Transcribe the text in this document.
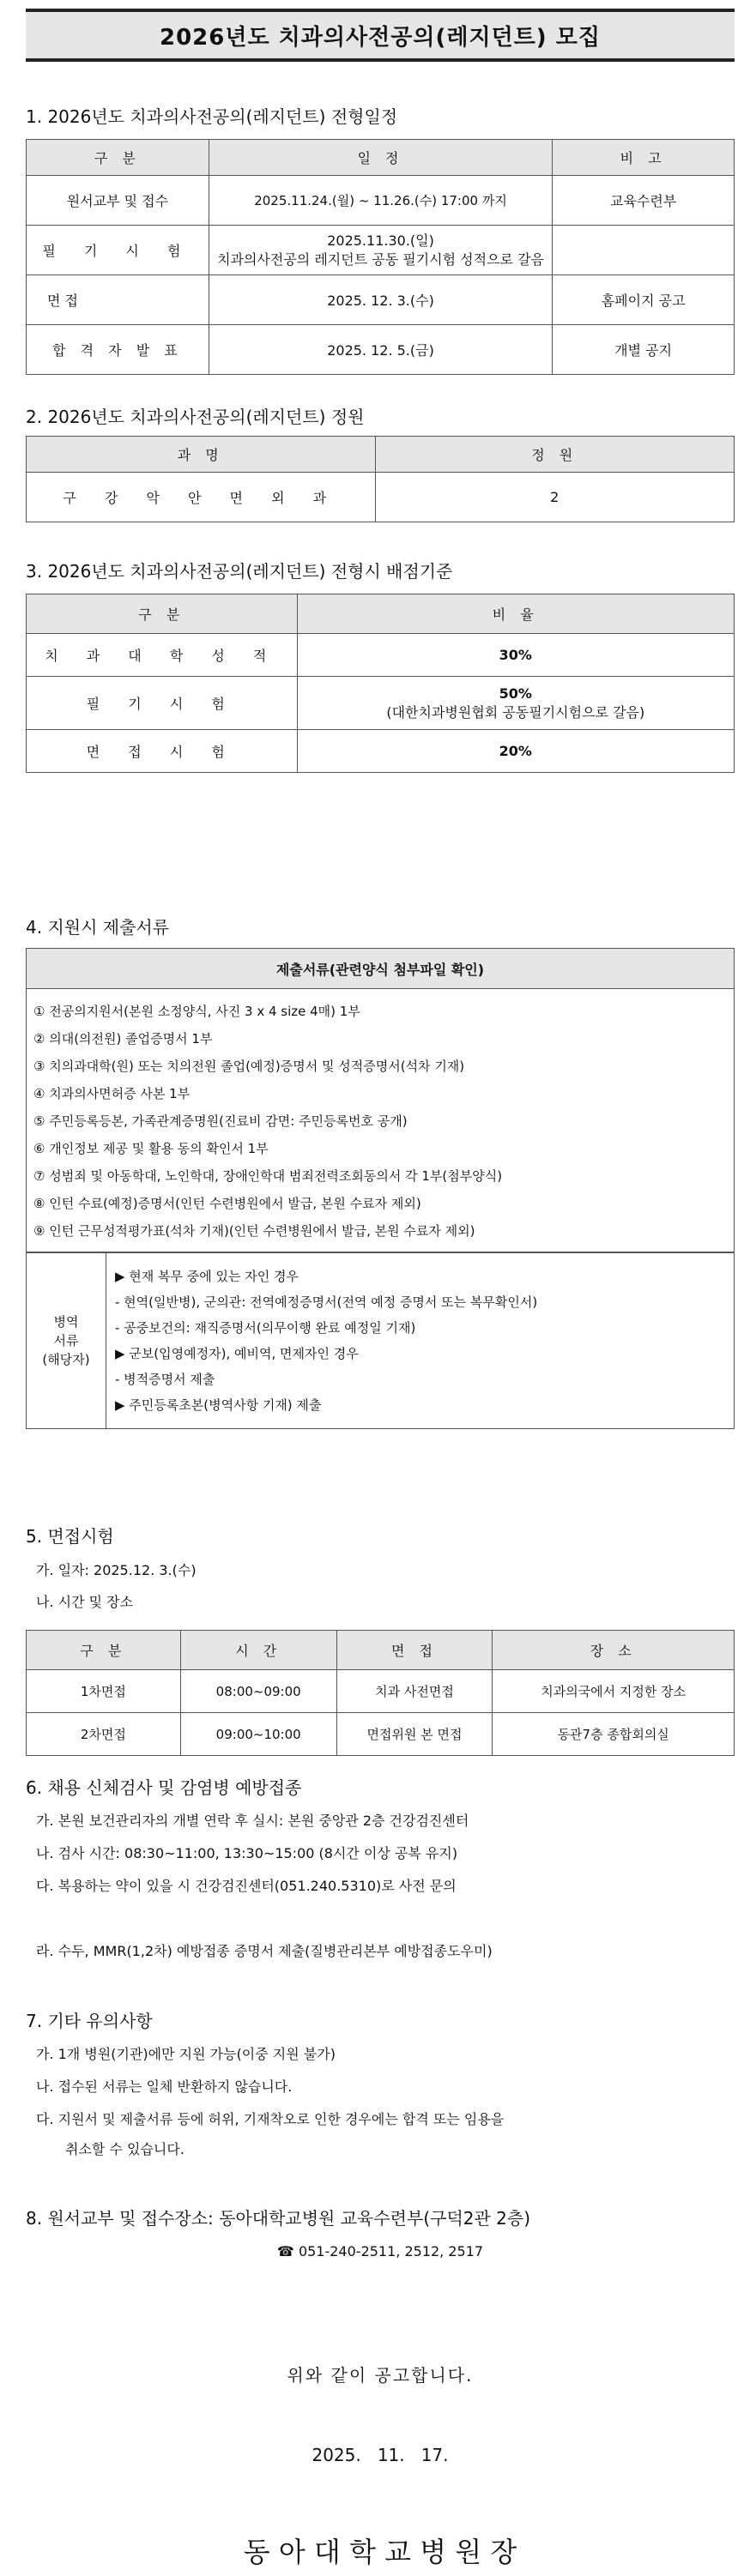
2026년도 치과의사전공의(레지던트) 모집
1. 2026년도 치과의사전공의(레지던트) 전형일정
구 분	일 정	비 고
원서교부 및 접수	2025.11.24.(월) ~ 11.26.(수) 17:00 까지	교육수련부
필 기 시 험	2025.11.30.(일)
치과의사전공의 레지던트 공동 필기시험 성적으로 갈음	

면 접	2025. 12. 3.(수)	홈페이지 공고
합 격 자 발 표	2025. 12. 5.(금)	개별 공지
2. 2026년도 치과의사전공의(레지던트) 정원
과 명	정 원
구 강 악 안 면 외 과	2
3. 2026년도 치과의사전공의(레지던트) 전형시 배점기준
구 분	비 율
치 과 대 학 성 적	30%
필 기 시 험	50%
(대한치과병원협회 공동필기시험으로 갈음)

면 접 시 험	20%
4. 지원시 제출서류
제출서류(관련양식 첨부파일 확인)
① 전공의지원서(본원 소정양식, 사진 3 x 4 size 4매) 1부
② 의대(의전원) 졸업증명서 1부
③ 치의과대학(원) 또는 치의전원 졸업(예정)증명서 및 성적증명서(석차 기재)
④ 치과의사면허증 사본 1부
⑤ 주민등록등본, 가족관계증명원(진료비 감면: 주민등록번호 공개)
⑥ 개인정보 제공 및 활용 동의 확인서 1부
⑦ 성범죄 및 아동학대, 노인학대, 장애인학대 범죄전력조회동의서 각 1부(첨부양식)
⑧ 인턴 수료(예정)증명서(인턴 수련병원에서 발급, 본원 수료자 제외)
⑨ 인턴 근무성적평가표(석차 기재)(인턴 수련병원에서 발급, 본원 수료자 제외)
병역
서류
(해당자)
▶ 현재 복무 중에 있는 자인 경우
- 현역(일반병), 군의관: 전역예정증명서(전역 예정 증명서 또는 복무확인서)
- 공중보건의: 재직증명서(의무이행 완료 예정일 기재)
▶ 군보(입영예정자), 예비역, 면제자인 경우
- 병적증명서 제출
▶ 주민등록초본(병역사항 기재) 제출
5. 면접시험
가. 일자: 2025.12. 3.(수)
나. 시간 및 장소
구 분	시 간	면 접	장 소
1차면접	08:00~09:00	치과 사전면접	치과의국에서 지정한 장소
2차면접	09:00~10:00	면접위원 본 면접	동관7층 종합회의실
6. 채용 신체검사 및 감염병 예방접종
가. 본원 보건관리자의 개별 연락 후 실시: 본원 중앙관 2층 건강검진센터
나. 검사 시간: 08:30~11:00, 13:30~15:00 (8시간 이상 공복 유지)
다. 복용하는 약이 있을 시 건강검진센터(051.240.5310)로 사전 문의
라. 수두, MMR(1,2차) 예방접종 증명서 제출(질병관리본부 예방접종도우미)
7. 기타 유의사항
가. 1개 병원(기관)에만 지원 가능(이중 지원 불가)
나. 접수된 서류는 일체 반환하지 않습니다.
다. 지원서 및 제출서류 등에 허위, 기재착오로 인한 경우에는 합격 또는 임용을
취소할 수 있습니다.
8. 원서교부 및 접수장소: 동아대학교병원 교육수련부(구덕2관 2층)
☎ 051-240-2511, 2512, 2517
위와 같이 공고합니다.
2025.   11.   17.
동 아 대 학 교 병 원 장
